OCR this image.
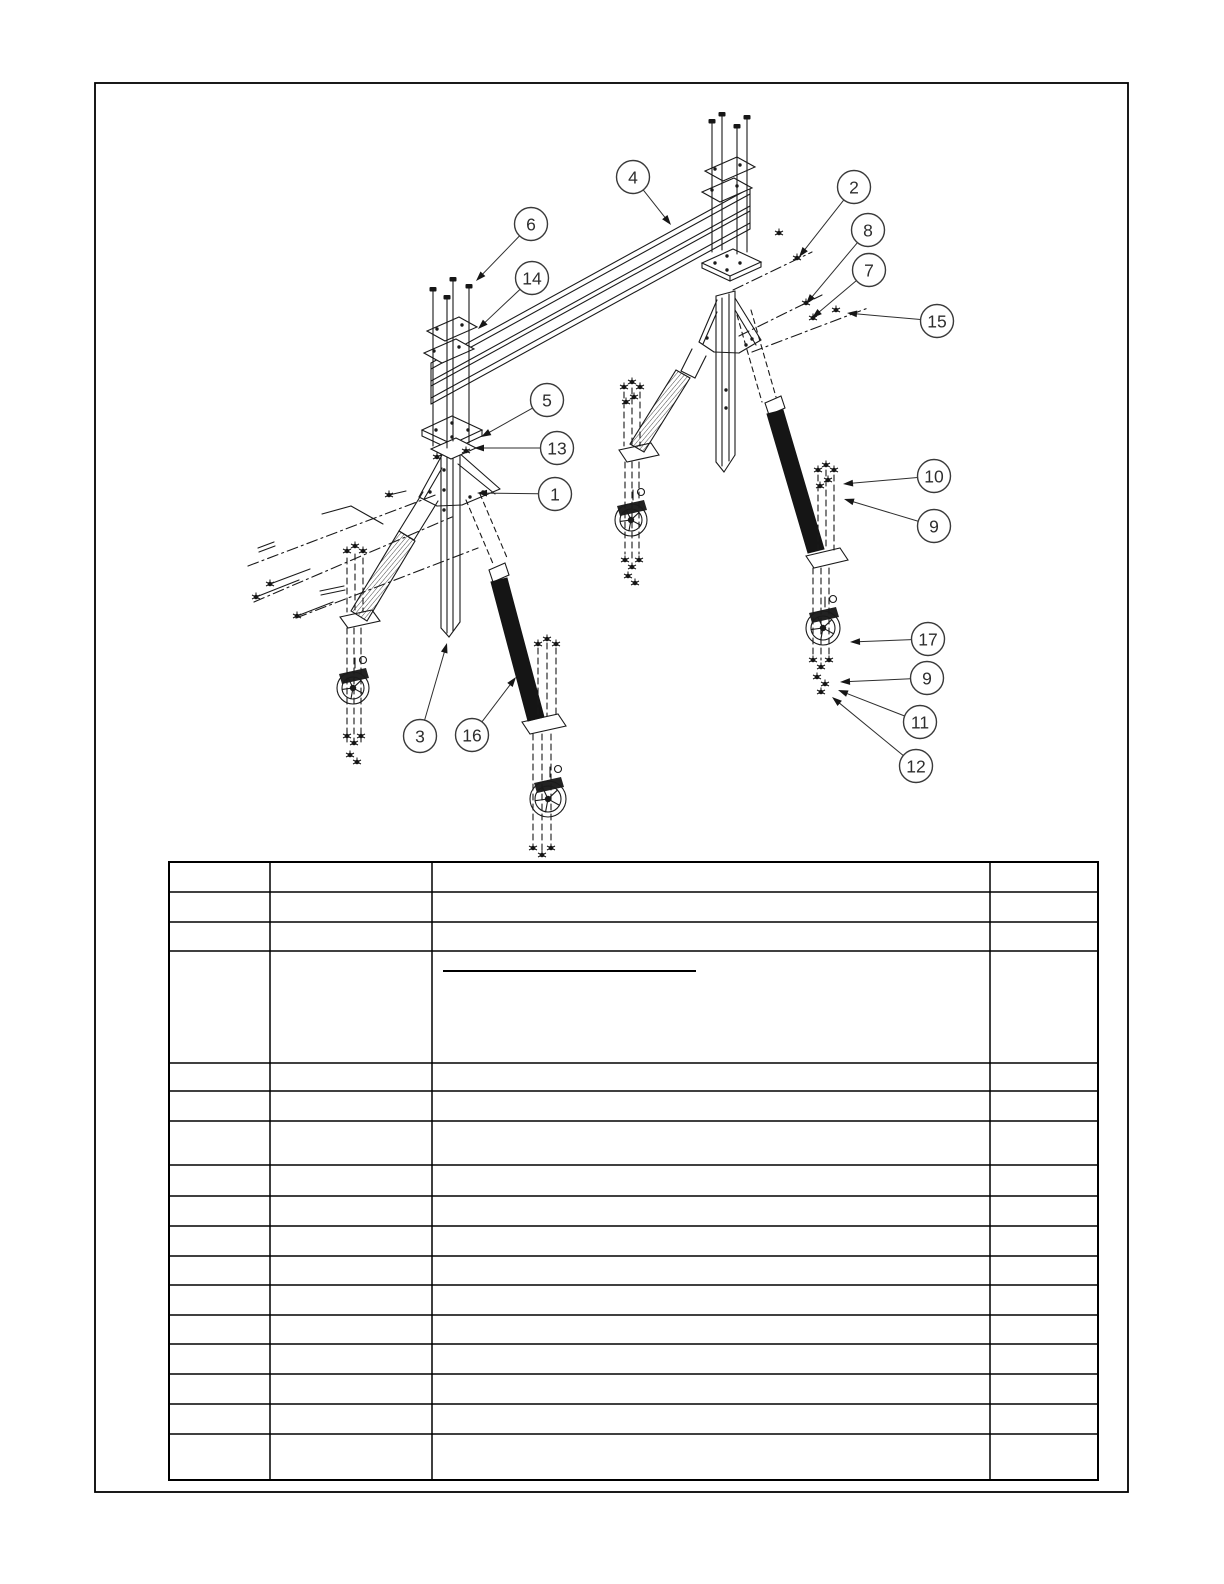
4
6
14
2
8
7
15
5
13
1
10
9
17
9
11
12
3 16
